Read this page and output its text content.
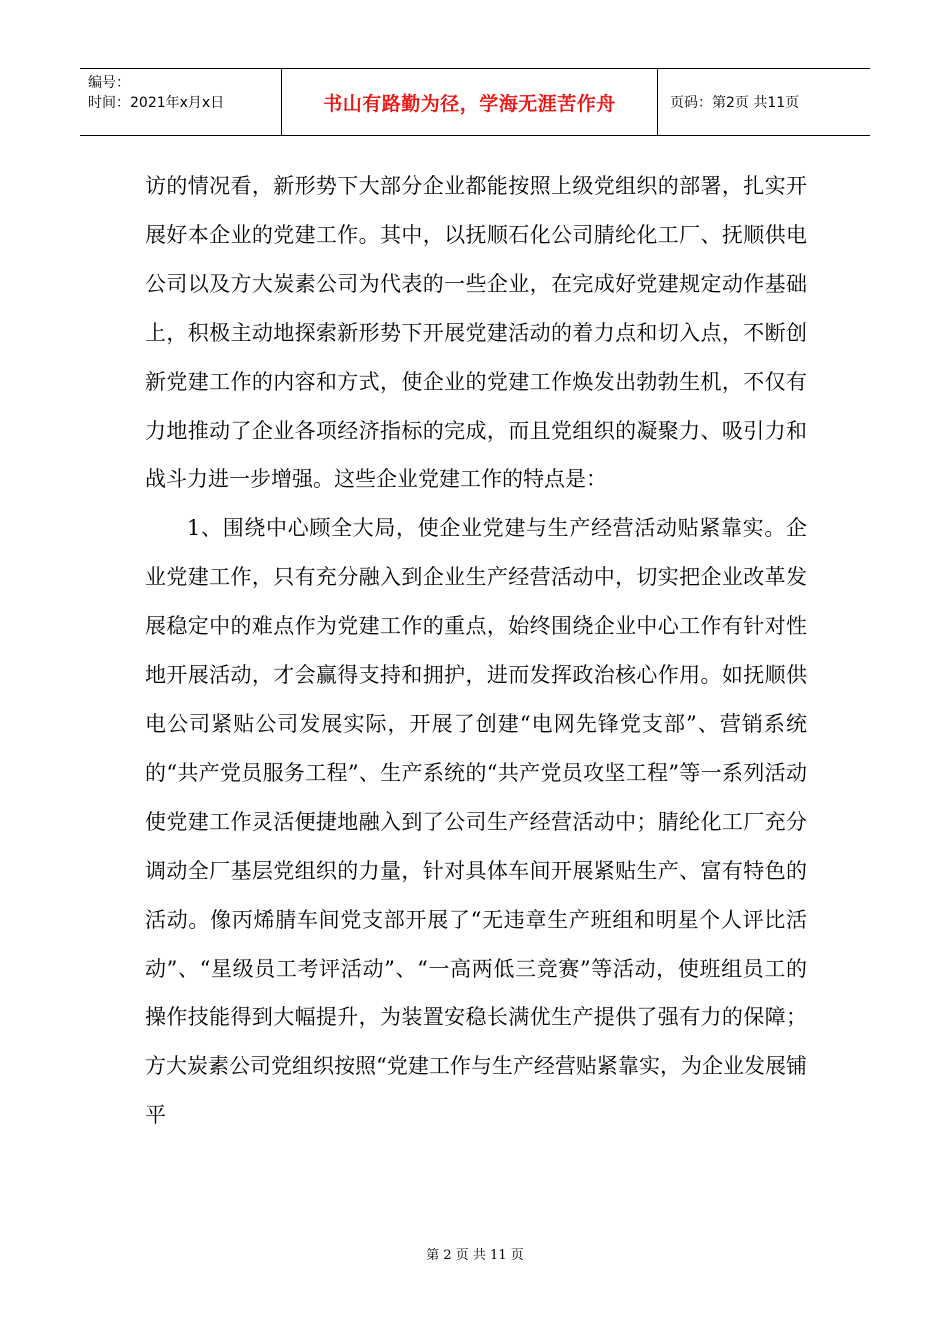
编号：
时间：2021年x月x日	书山有路勤为径，学海无涯苦作舟	页码：第2页 共11页

访的情况看，新形势下大部分企业都能按照上级党组织的部署，扎实开展好本企业的党建工作。其中，以抚顺石化公司腈纶化工厂、抚顺供电公司以及方大炭素公司为代表的一些企业，在完成好党建规定动作基础上，积极主动地探索新形势下开展党建活动的着力点和切入点，不断创新党建工作的内容和方式，使企业的党建工作焕发出勃勃生机，不仅有力地推动了企业各项经济指标的完成，而且党组织的凝聚力、吸引力和战斗力进一步增强。这些企业党建工作的特点是：

1、围绕中心顾全大局，使企业党建与生产经营活动贴紧靠实。企业党建工作，只有充分融入到企业生产经营活动中，切实把企业改革发展稳定中的难点作为党建工作的重点，始终围绕企业中心工作有针对性地开展活动，才会赢得支持和拥护，进而发挥政治核心作用。如抚顺供电公司紧贴公司发展实际，开展了创建“电网先锋党支部”、营销系统的“共产党员服务工程”、生产系统的“共产党员攻坚工程”等一系列活动使党建工作灵活便捷地融入到了公司生产经营活动中；腈纶化工厂充分调动全厂基层党组织的力量，针对具体车间开展紧贴生产、富有特色的活动。像丙烯腈车间党支部开展了“无违章生产班组和明星个人评比活动”、“星级员工考评活动”、“一高两低三竞赛”等活动，使班组员工的操作技能得到大幅提升，为装置安稳长满优生产提供了强有力的保障；方大炭素公司党组织按照“党建工作与生产经营贴紧靠实，为企业发展铺平

第 2 页 共 11 页
